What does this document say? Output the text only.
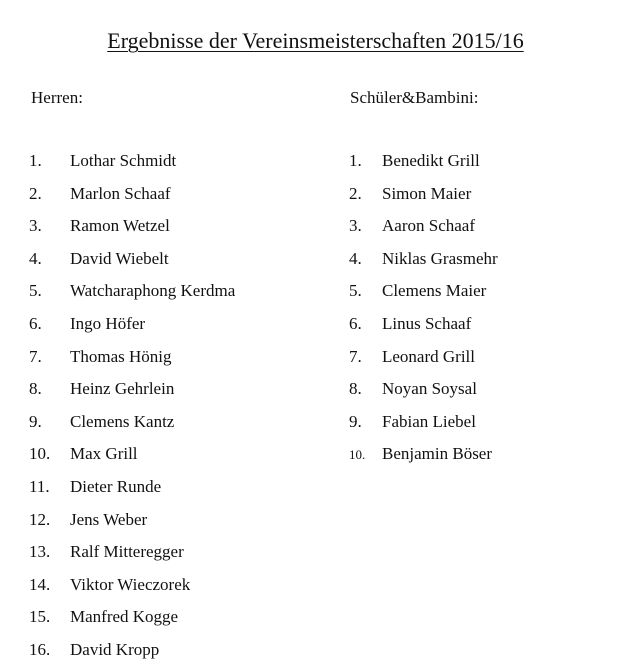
Ergebnisse der Vereinsmeisterschaften 2015/16
Herren:	Schüler&Bambini:
1. Lothar Schmidt
2. Marlon Schaaf
3. Ramon Wetzel
4. David Wiebelt
5. Watcharaphong Kerdma
6. Ingo Höfer
7. Thomas Hönig
8. Heinz Gehrlein
9. Clemens Kantz
10. Max Grill
11. Dieter Runde
12. Jens Weber
13. Ralf Mitteregger
14. Viktor Wieczorek
15. Manfred Kogge
16. David Kropp
1. Benedikt Grill
2. Simon Maier
3. Aaron Schaaf
4. Niklas Grasmehr
5. Clemens Maier
6. Linus Schaaf
7. Leonard Grill
8. Noyan Soysal
9. Fabian Liebel
10. Benjamin Böser
